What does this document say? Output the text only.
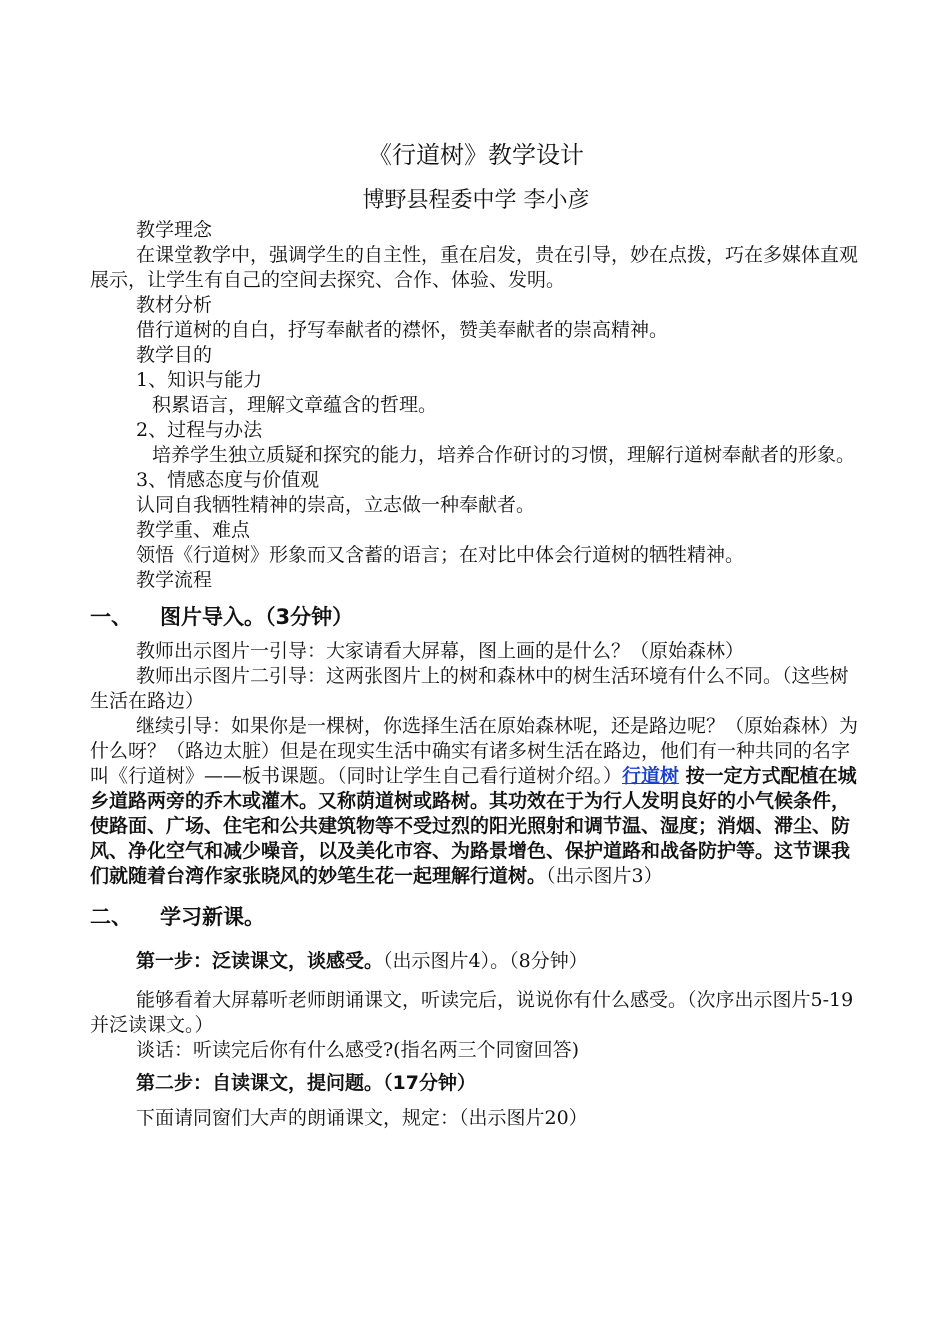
《行道树》教学设计
博野县程委中学 李小彦

教学理念

在课堂教学中，强调学生的自主性，重在启发，贵在引导，妙在点拨，巧在多媒体直观展示，让学生有自己的空间去探究、合作、体验、发明。

教材分析

借行道树的自白，抒写奉献者的襟怀，赞美奉献者的崇高精神。

教学目的

1、知识与能力

积累语言，理解文章蕴含的哲理。

2、过程与办法

培养学生独立质疑和探究的能力，培养合作研讨的习惯，理解行道树奉献者的形象。

3、情感态度与价值观

认同自我牺牲精神的崇高，立志做一种奉献者。

教学重、难点

领悟《行道树》形象而又含蓄的语言；在对比中体会行道树的牺牲精神。

教学流程

一、 图片导入。（3分钟）

教师出示图片一引导：大家请看大屏幕，图上画的是什么？（原始森林）

教师出示图片二引导：这两张图片上的树和森林中的树生活环境有什么不同。（这些树生活在路边）

继续引导：如果你是一棵树，你选择生活在原始森林呢，还是路边呢？（原始森林）为什么呀？（路边太脏）但是在现实生活中确实有诸多树生活在路边，他们有一种共同的名字叫《行道树》——板书课题。（同时让学生自己看行道树介绍。）行道树 按一定方式配植在城乡道路两旁的乔木或灌木。又称荫道树或路树。其功效在于为行人发明良好的小气候条件，使路面、广场、住宅和公共建筑物等不受过烈的阳光照射和调节温、湿度；消烟、滞尘、防风、净化空气和减少噪音，以及美化市容、为路景增色、保护道路和战备防护等。这节课我们就随着台湾作家张晓风的妙笔生花一起理解行道树。（出示图片3）

二、 学习新课。

第一步：泛读课文，谈感受。（出示图片4）。（8分钟）

能够看着大屏幕听老师朗诵课文，听读完后，说说你有什么感受。（次序出示图片5-19并泛读课文。）

谈话：听读完后你有什么感受?(指名两三个同窗回答)

第二步：自读课文，提问题。（17分钟）

下面请同窗们大声的朗诵课文，规定：（出示图片20）
